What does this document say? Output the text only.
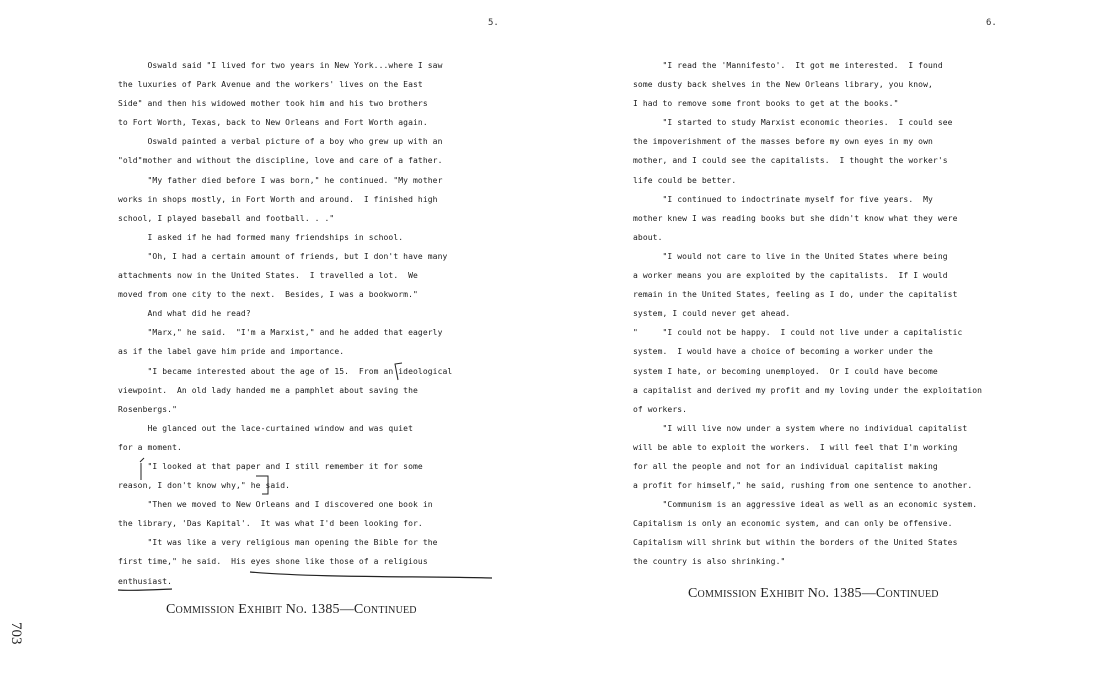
5.

Oswald said "I lived for two years in New York...where I saw

the luxuries of Park Avenue and the workers' lives on the East

Side" and then his widowed mother took him and his two brothers

to Fort Worth, Texas, back to New Orleans and Fort Worth again.

Oswald painted a verbal picture of a boy who grew up with an

"old"mother and without the discipline, love and care of a father.

"My father died before I was born," he continued. "My mother

works in shops mostly, in Fort Worth and around.  I finished high

school, I played baseball and football. . ."

I asked if he had formed many friendships in school.

"Oh, I had a certain amount of friends, but I don't have many

attachments now in the United States.  I travelled a lot.  We

moved from one city to the next.  Besides, I was a bookworm."

And what did he read?

"Marx," he said.  "I'm a Marxist," and he added that eagerly

as if the label gave him pride and importance.

"I became interested about the age of 15.  From an ideological

viewpoint.  An old lady handed me a pamphlet about saving the

Rosenbergs."

He glanced out the lace-curtained window and was quiet

for a moment.

"I looked at that paper and I still remember it for some

reason, I don't know why," he said.

"Then we moved to New Orleans and I discovered one book in

the library, 'Das Kapital'.  It was what I'd been looking for.

"It was like a very religious man opening the Bible for the

first time," he said.  His eyes shone like those of a religious

enthusiast.

Commission Exhibit No. 1385—Continued
6.

"I read the 'Mannifesto'.  It got me interested.  I found

some dusty back shelves in the New Orleans library, you know,

I had to remove some front books to get at the books."

"I started to study Marxist economic theories.  I could see

the impoverishment of the masses before my own eyes in my own

mother, and I could see the capitalists.  I thought the worker's

life could be better.

"I continued to indoctrinate myself for five years.  My

mother knew I was reading books but she didn't know what they were

about.

"I would not care to live in the United States where being

a worker means you are exploited by the capitalists.  If I would

remain in the United States, feeling as I do, under the capitalist

system, I could never get ahead.

"     "I could not be happy.  I could not live under a capitalistic

system.  I would have a choice of becoming a worker under the

system I hate, or becoming unemployed.  Or I could have become

a capitalist and derived my profit and my loving under the exploitation

of workers.

"I will live now under a system where no individual capitalist

will be able to exploit the workers.  I will feel that I'm working

for all the people and not for an individual capitalist making

a profit for himself," he said, rushing from one sentence to another.

"Communism is an aggressive ideal as well as an economic system.

Capitalism is only an economic system, and can only be offensive.

Capitalism will shrink but within the borders of the United States

the country is also shrinking."

Commission Exhibit No. 1385—Continued
703
